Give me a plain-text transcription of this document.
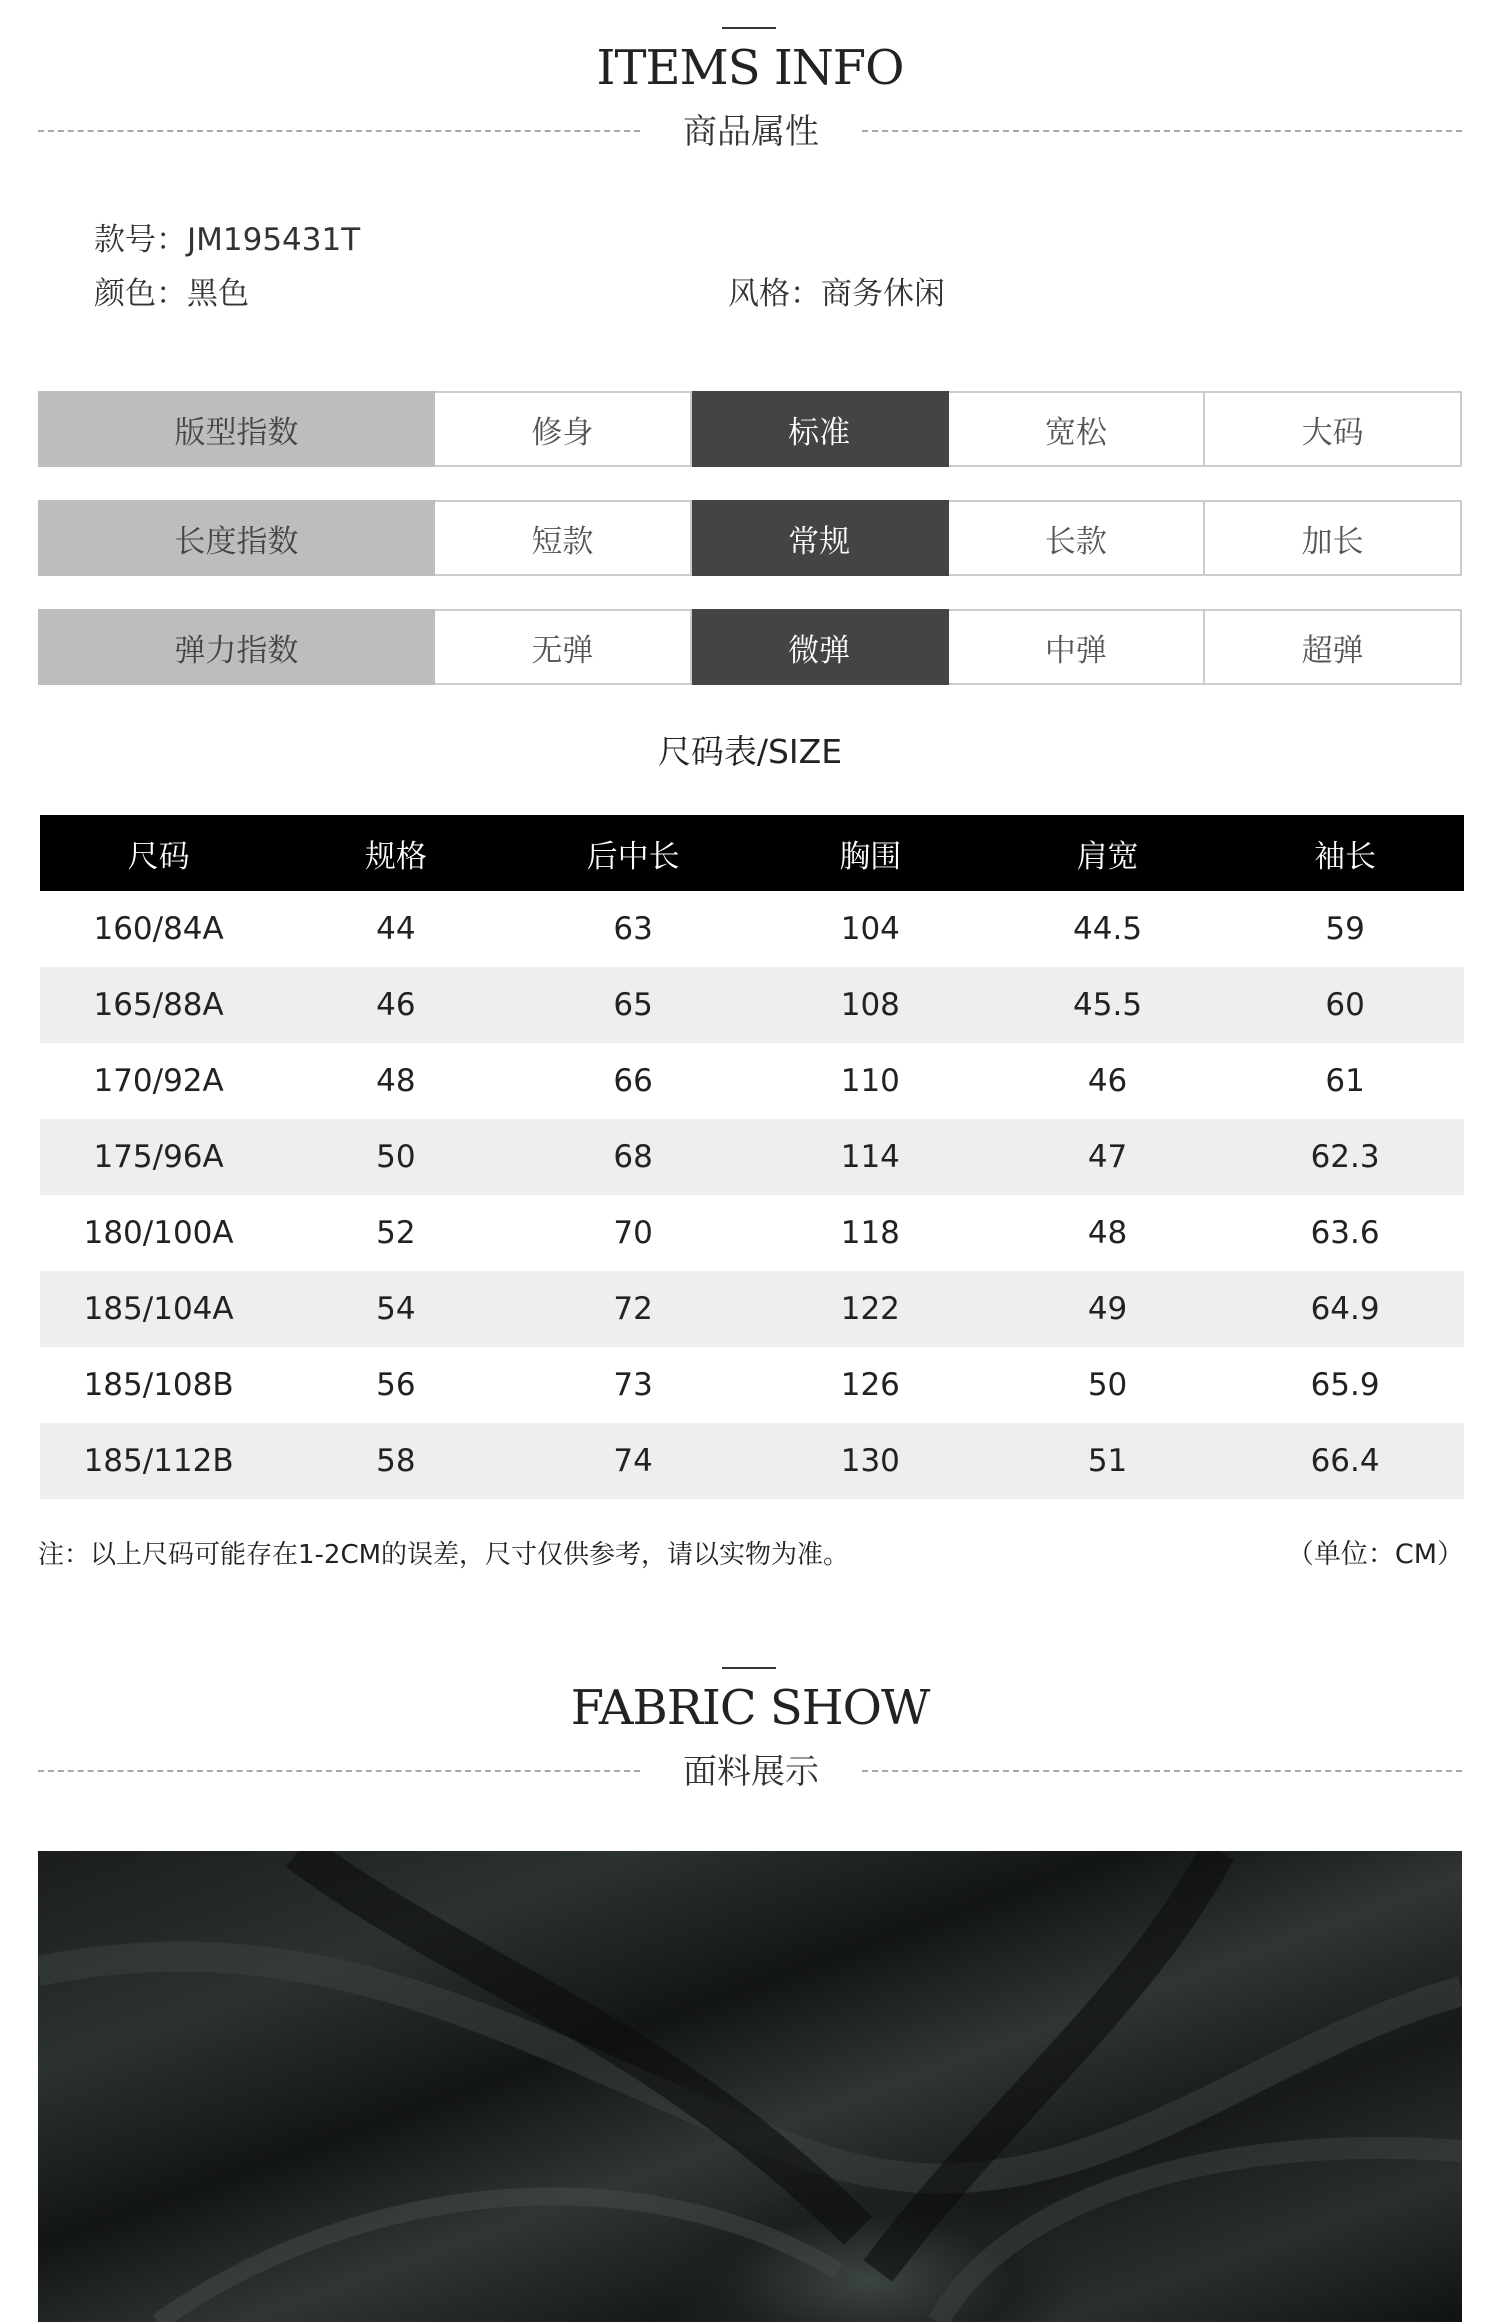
ITEMS INFO
商品属性
款号：JM195431T
颜色：黑色	风格：商务休闲
版型指数	修身	标准	宽松	大码
长度指数	短款	常规	长款	加长
弹力指数	无弹	微弹	中弹	超弹
尺码表/SIZE
尺码	规格	后中长	胸围	肩宽	袖长
160/84A	44	63	104	44.5	59
165/88A	46	65	108	45.5	60
170/92A	48	66	110	46	61
175/96A	50	68	114	47	62.3
180/100A	52	70	118	48	63.6
185/104A	54	72	122	49	64.9
185/108B	56	73	126	50	65.9
185/112B	58	74	130	51	66.4
注：以上尺码可能存在1-2CM的误差，尺寸仅供参考，请以实物为准。	（单位：CM）
FABRIC SHOW
面料展示
